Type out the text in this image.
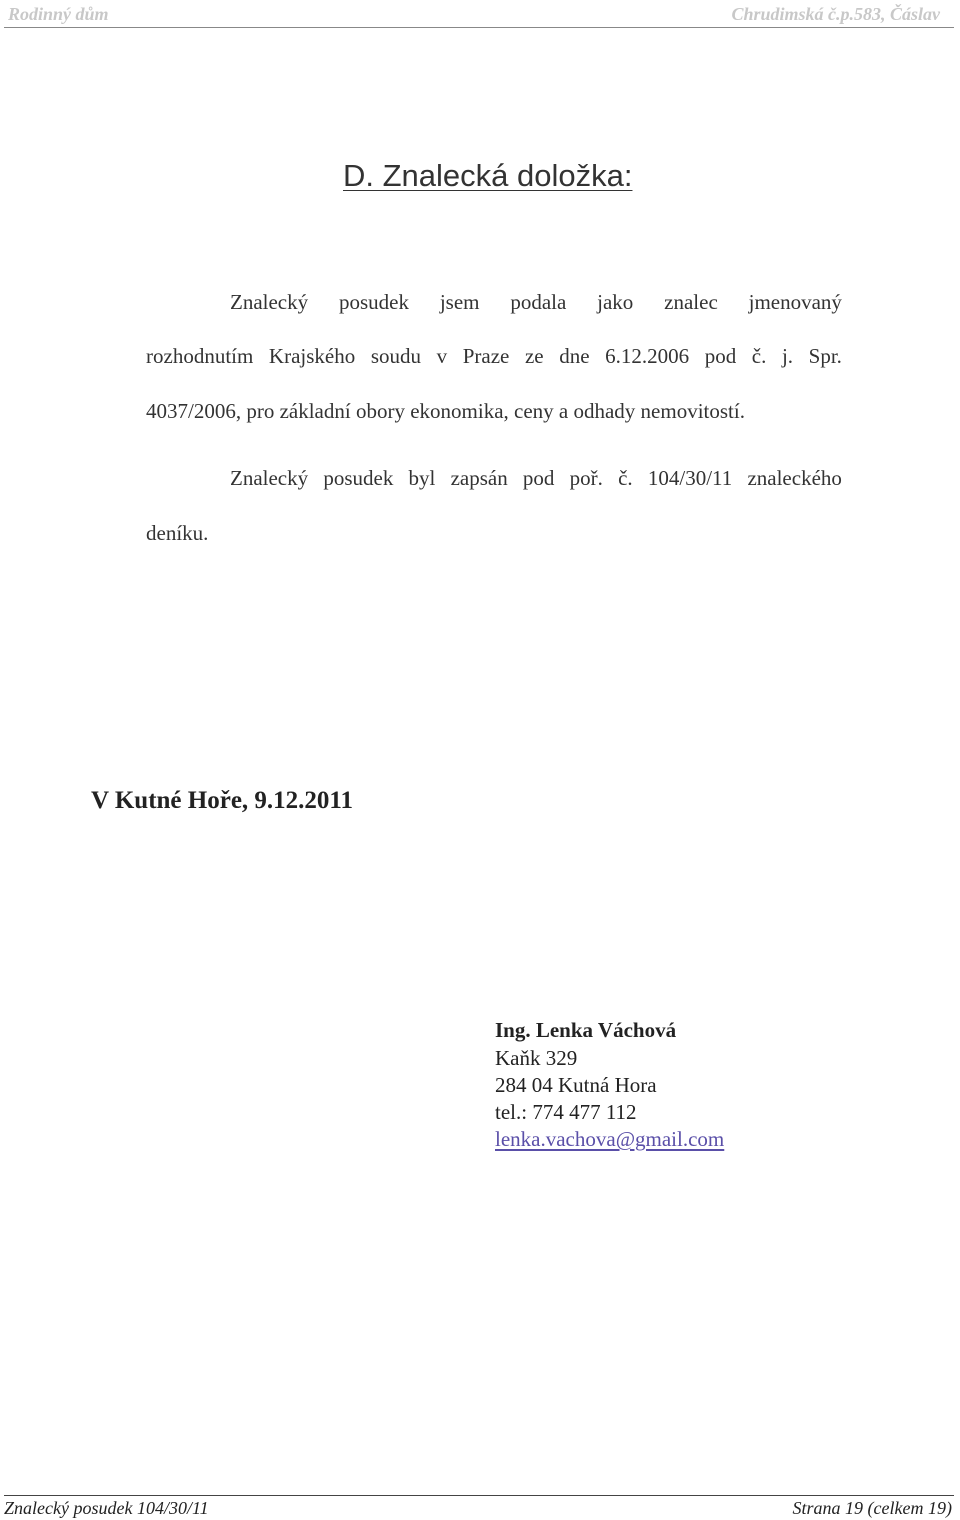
Rodinný dům	Chrudimská č.p.583, Čáslav
D. Znalecká doložka:
Znalecký posudek jsem podala jako znalec jmenovaný
rozhodnutím Krajského soudu v Praze ze dne 6.12.2006 pod č. j. Spr.
4037/2006, pro základní obory ekonomika, ceny a odhady nemovitostí.
Znalecký posudek byl zapsán pod poř. č. 104/30/11 znaleckého
deníku.
V Kutné Hoře, 9.12.2011
Ing. Lenka Váchová
Kaňk 329
284 04 Kutná Hora
tel.: 774 477 112
lenka.vachova@gmail.com
Znalecký posudek 104/30/11	Strana 19 (celkem 19)
